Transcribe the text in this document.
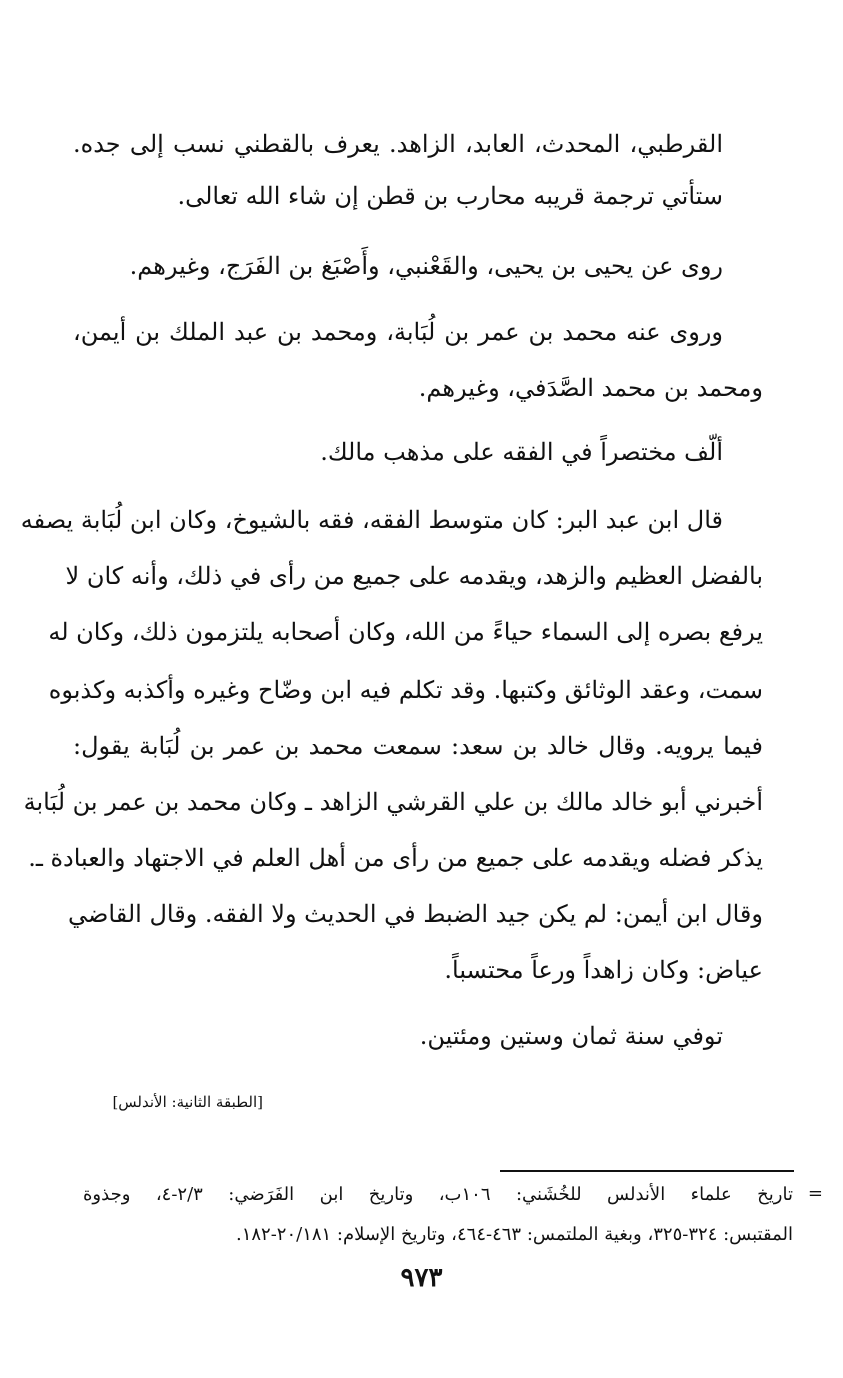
القرطبي، المحدث، العابد، الزاهد. يعرف بالقطني نسب إلى جده.
ستأتي ترجمة قريبه محارب بن قطن إن شاء الله تعالى.
روى عن يحيى بن يحيى، والقَعْنبي، وأَصْبَغ بن الفَرَج، وغيرهم.
وروى عنه محمد بن عمر بن لُبَابة، ومحمد بن عبد الملك بن أيمن،
ومحمد بن محمد الصَّدَفي، وغيرهم.
ألّف مختصراً في الفقه على مذهب مالك.
قال ابن عبد البر: كان متوسط الفقه، فقه بالشيوخ، وكان ابن لُبَابة يصفه
بالفضل العظيم والزهد، ويقدمه على جميع من رأى في ذلك، وأنه كان لا
يرفع بصره إلى السماء حياءً من الله، وكان أصحابه يلتزمون ذلك، وكان له
سمت، وعقد الوثائق وكتبها. وقد تكلم فيه ابن وضّاح وغيره وأكذبه وكذبوه
فيما يرويه. وقال خالد بن سعد: سمعت محمد بن عمر بن لُبَابة يقول:
أخبرني أبو خالد مالك بن علي القرشي الزاهد ـ وكان محمد بن عمر بن لُبَابة
يذكر فضله ويقدمه على جميع من رأى من أهل العلم في الاجتهاد والعبادة ـ.
وقال ابن أيمن: لم يكن جيد الضبط في الحديث ولا الفقه. وقال القاضي
عياض: وكان زاهداً ورعاً محتسباً.
توفي سنة ثمان وستين ومئتين.
[الطبقة الثانية: الأندلس]
=
تاريخ علماء الأندلس للخُشَني: ١٠٦ب، وتاريخ ابن الفَرَضي: ٢/٣-٤، وجذوة
المقتبس: ٣٢٤-٣٢٥، وبغية الملتمس: ٤٦٣-٤٦٤، وتاريخ الإسلام: ٢٠/١٨١-١٨٢.
٩٧٣
